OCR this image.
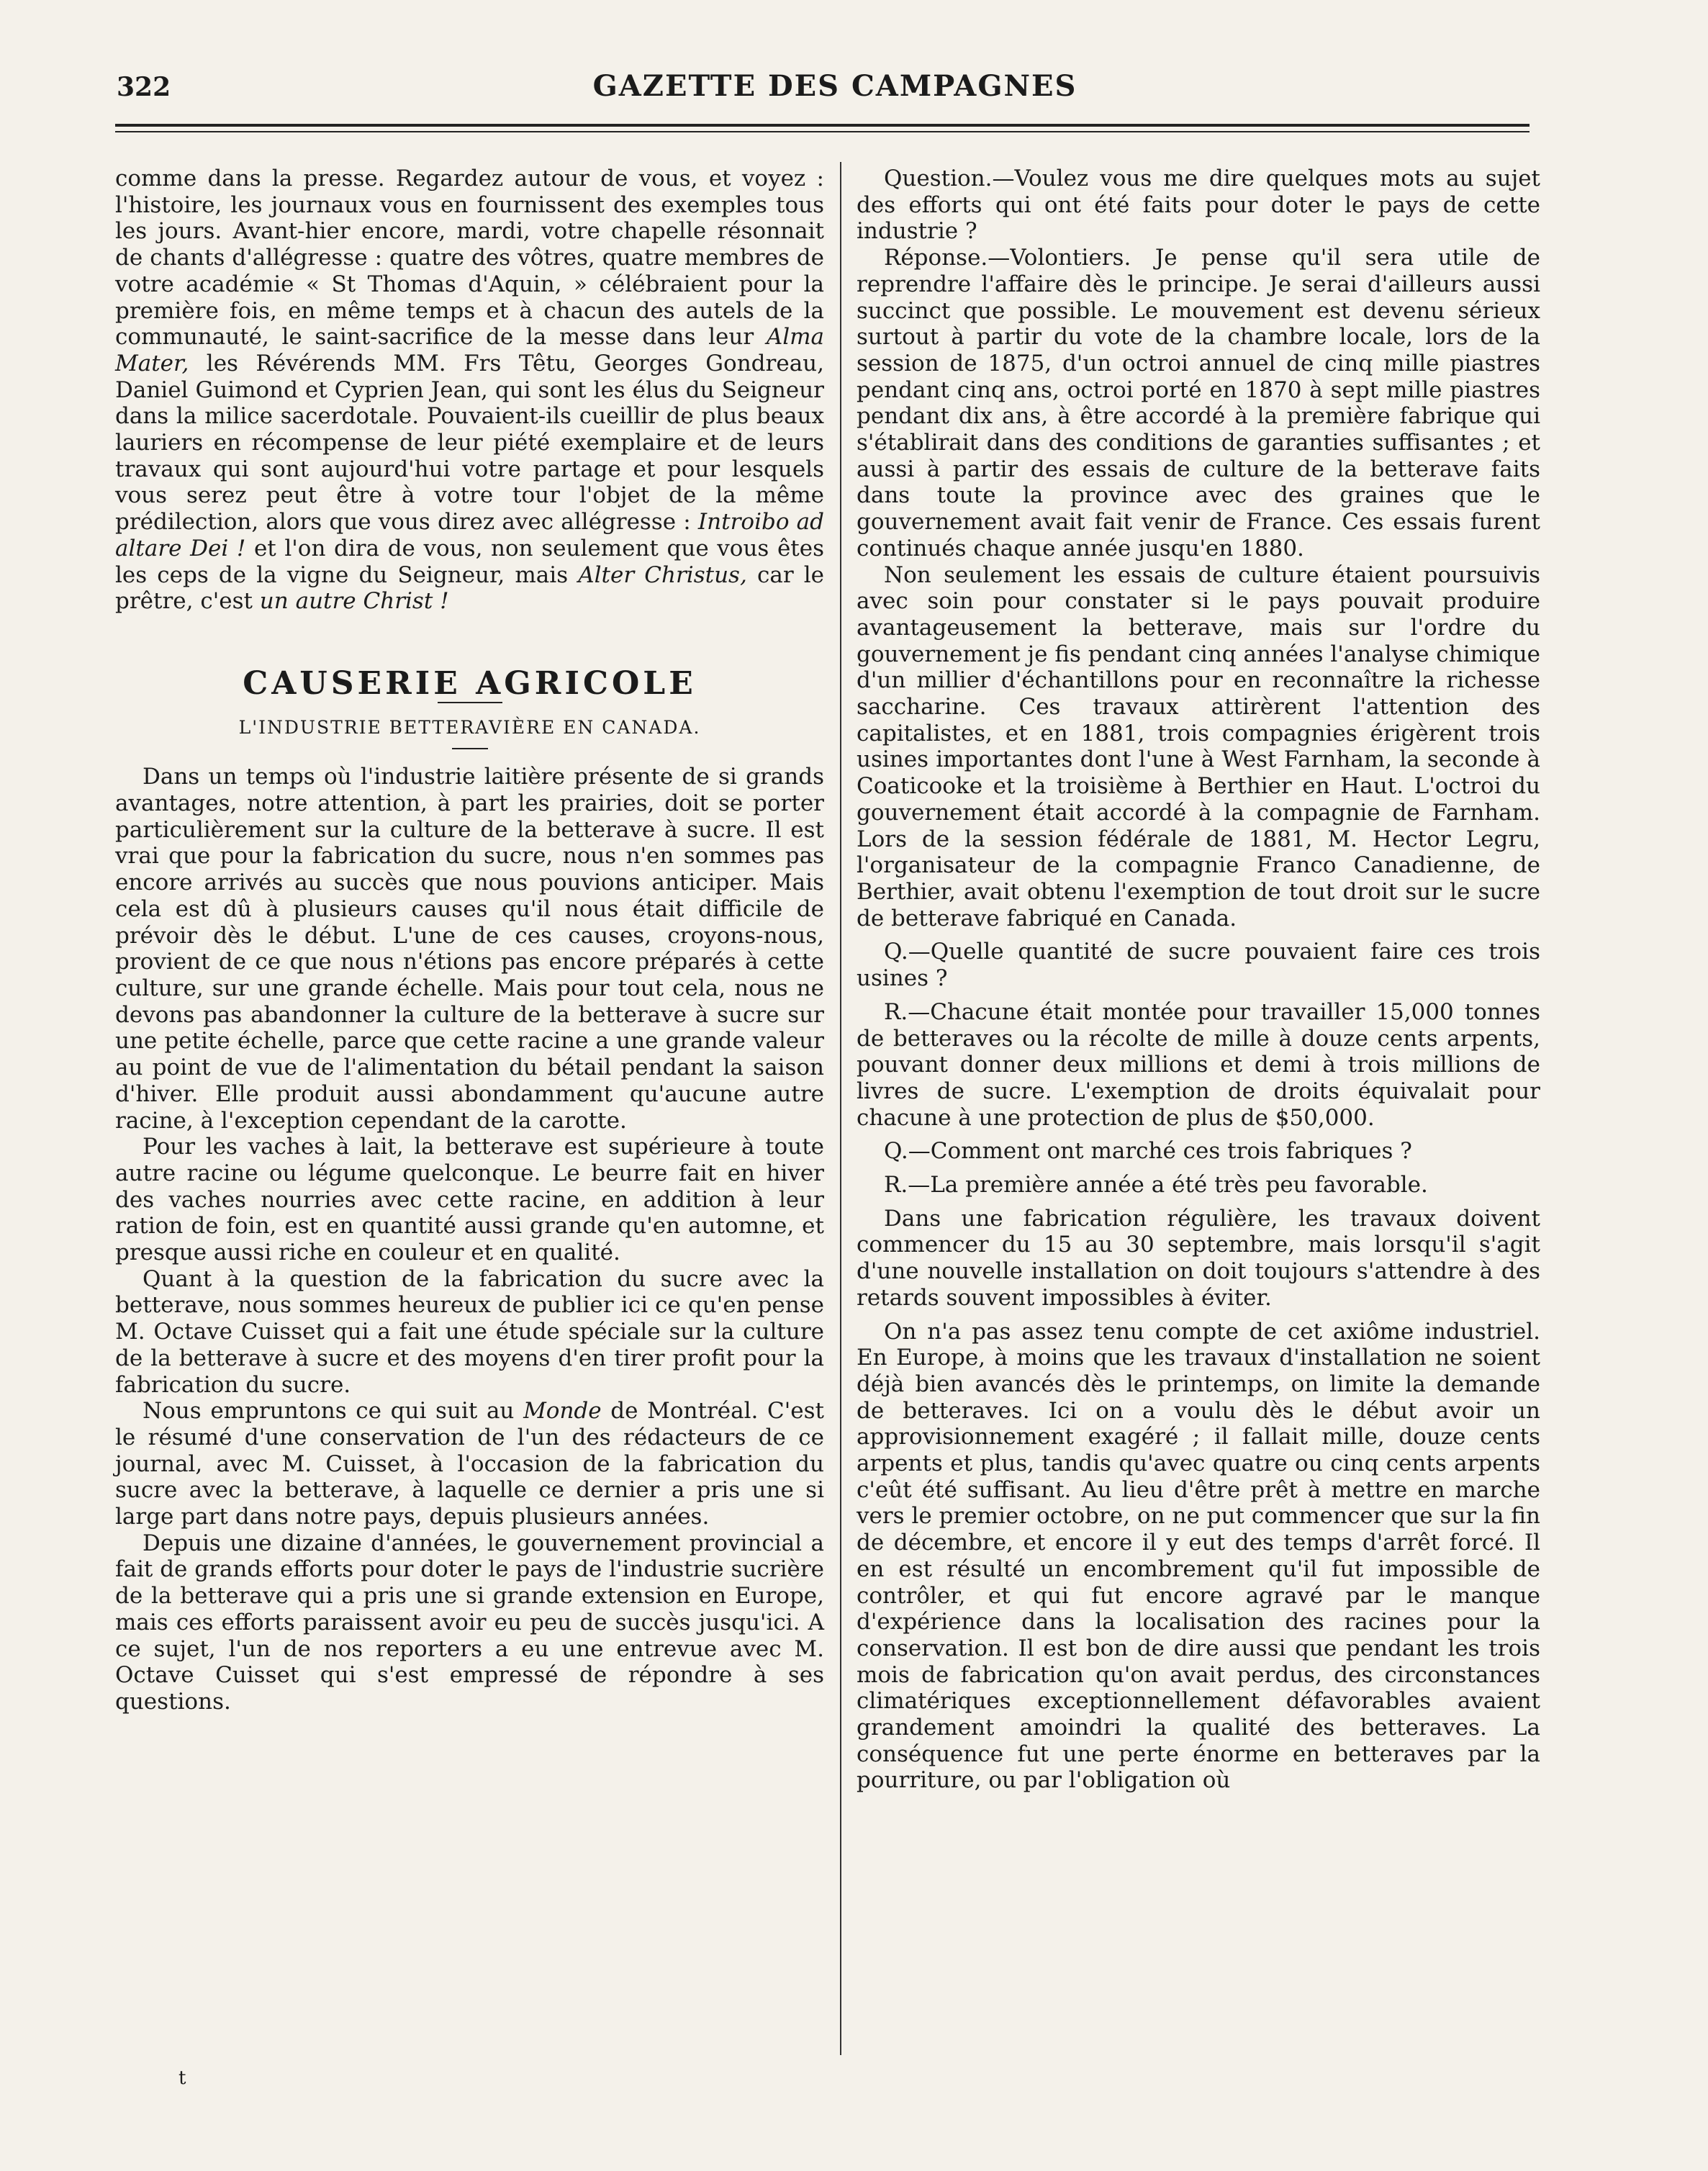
322	GAZETTE DES CAMPAGNES

comme dans la presse. Regardez autour de vous, et voyez : l'histoire, les journaux vous en fournissent des exemples tous les jours. Avant-hier encore, mardi, votre chapelle résonnait de chants d'allégresse : quatre des vôtres, quatre membres de votre académie « St Thomas d'Aquin, » célébraient pour la première fois, en même temps et à chacun des autels de la communauté, le saint-sacrifice de la messe dans leur Alma Mater, les Révérends MM. Frs Têtu, Georges Gondreau, Daniel Guimond et Cyprien Jean, qui sont les élus du Seigneur dans la milice sacerdotale. Pouvaient-ils cueillir de plus beaux lauriers en récompense de leur piété exemplaire et de leurs travaux qui sont aujourd'hui votre partage et pour lesquels vous serez peut être à votre tour l'objet de la même prédilection, alors que vous direz avec allégresse : Introibo ad altare Dei ! et l'on dira de vous, non seulement que vous êtes les ceps de la vigne du Seigneur, mais Alter Christus, car le prêtre, c'est un autre Christ !

CAUSERIE AGRICOLE
L'INDUSTRIE BETTERAVIÈRE EN CANADA.

Dans un temps où l'industrie laitière présente de si grands avantages, notre attention, à part les prairies, doit se porter particulièrement sur la culture de la betterave à sucre. Il est vrai que pour la fabrication du sucre, nous n'en sommes pas encore arrivés au succès que nous pouvions anticiper. Mais cela est dû à plusieurs causes qu'il nous était difficile de prévoir dès le début. L'une de ces causes, croyons-nous, provient de ce que nous n'étions pas encore préparés à cette culture, sur une grande échelle. Mais pour tout cela, nous ne devons pas abandonner la culture de la betterave à sucre sur une petite échelle, parce que cette racine a une grande valeur au point de vue de l'alimentation du bétail pendant la saison d'hiver. Elle produit aussi abondamment qu'aucune autre racine, à l'exception cependant de la carotte.

Pour les vaches à lait, la betterave est supérieure à toute autre racine ou légume quelconque. Le beurre fait en hiver des vaches nourries avec cette racine, en addition à leur ration de foin, est en quantité aussi grande qu'en automne, et presque aussi riche en couleur et en qualité.

Quant à la question de la fabrication du sucre avec la betterave, nous sommes heureux de publier ici ce qu'en pense M. Octave Cuisset qui a fait une étude spéciale sur la culture de la betterave à sucre et des moyens d'en tirer profit pour la fabrication du sucre.

Nous empruntons ce qui suit au Monde de Montréal. C'est le résumé d'une conservation de l'un des rédacteurs de ce journal, avec M. Cuisset, à l'occasion de la fabrication du sucre avec la betterave, à laquelle ce dernier a pris une si large part dans notre pays, depuis plusieurs années.

Depuis une dizaine d'années, le gouvernement provincial a fait de grands efforts pour doter le pays de l'industrie sucrière de la betterave qui a pris une si grande extension en Europe, mais ces efforts paraissent avoir eu peu de succès jusqu'ici. A ce sujet, l'un de nos reporters a eu une entrevue avec M. Octave Cuisset qui s'est empressé de répondre à ses questions.

Question.—Voulez vous me dire quelques mots au sujet des efforts qui ont été faits pour doter le pays de cette industrie ?

Réponse.—Volontiers. Je pense qu'il sera utile de reprendre l'affaire dès le principe. Je serai d'ailleurs aussi succinct que possible. Le mouvement est devenu sérieux surtout à partir du vote de la chambre locale, lors de la session de 1875, d'un octroi annuel de cinq mille piastres pendant cinq ans, octroi porté en 1870 à sept mille piastres pendant dix ans, à être accordé à la première fabrique qui s'établirait dans des conditions de garanties suffisantes ; et aussi à partir des essais de culture de la betterave faits dans toute la province avec des graines que le gouvernement avait fait venir de France. Ces essais furent continués chaque année jusqu'en 1880.

Non seulement les essais de culture étaient poursuivis avec soin pour constater si le pays pouvait produire avantageusement la betterave, mais sur l'ordre du gouvernement je fis pendant cinq années l'analyse chimique d'un millier d'échantillons pour en reconnaître la richesse saccharine. Ces travaux attirèrent l'attention des capitalistes, et en 1881, trois compagnies érigèrent trois usines importantes dont l'une à West Farnham, la seconde à Coaticooke et la troisième à Berthier en Haut. L'octroi du gouvernement était accordé à la compagnie de Farnham. Lors de la session fédérale de 1881, M. Hector Legru, l'organisateur de la compagnie Franco Canadienne, de Berthier, avait obtenu l'exemption de tout droit sur le sucre de betterave fabriqué en Canada.

Q.—Quelle quantité de sucre pouvaient faire ces trois usines ?

R.—Chacune était montée pour travailler 15,000 tonnes de betteraves ou la récolte de mille à douze cents arpents, pouvant donner deux millions et demi à trois millions de livres de sucre. L'exemption de droits équivalait pour chacune à une protection de plus de $50,000.

Q.—Comment ont marché ces trois fabriques ?

R.—La première année a été très peu favorable.

Dans une fabrication régulière, les travaux doivent commencer du 15 au 30 septembre, mais lorsqu'il s'agit d'une nouvelle installation on doit toujours s'attendre à des retards souvent impossibles à éviter.

On n'a pas assez tenu compte de cet axiôme industriel. En Europe, à moins que les travaux d'installation ne soient déjà bien avancés dès le printemps, on limite la demande de betteraves. Ici on a voulu dès le début avoir un approvisionnement exagéré ; il fallait mille, douze cents arpents et plus, tandis qu'avec quatre ou cinq cents arpents c'eût été suffisant. Au lieu d'être prêt à mettre en marche vers le premier octobre, on ne put commencer que sur la fin de décembre, et encore il y eut des temps d'arrêt forcé. Il en est résulté un encombrement qu'il fut impossible de contrôler, et qui fut encore agravé par le manque d'expérience dans la localisation des racines pour la conservation. Il est bon de dire aussi que pendant les trois mois de fabrication qu'on avait perdus, des circonstances climatériques exceptionnellement défavorables avaient grandement amoindri la qualité des betteraves. La conséquence fut une perte énorme en betteraves par la pourriture, ou par l'obligation où

t
